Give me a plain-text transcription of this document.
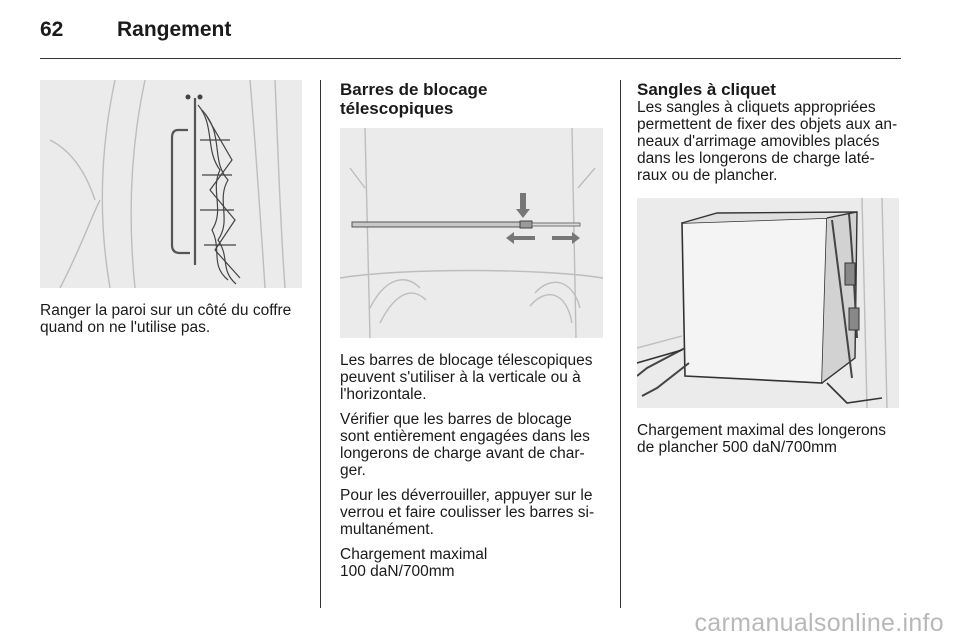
62	Rangement
Ranger la paroi sur un côté du coffre
quand on ne l'utilise pas.
Barres de blocage
télescopiques

Les barres de blocage télescopiques
peuvent s'utiliser à la verticale ou à
l'horizontale.

Vérifier que les barres de blocage
sont entièrement engagées dans les
longerons de charge avant de char-
ger.

Pour les déverrouiller, appuyer sur le
verrou et faire coulisser les barres si-
multanément.

Chargement maximal
100 daN/700mm

Sangles à cliquet
Les sangles à cliquets appropriées
permettent de fixer des objets aux an-
neaux d'arrimage amovibles placés
dans les longerons de charge laté-
raux ou de plancher.
Chargement maximal des longerons
de plancher 500 daN/700mm
carmanualsonline.info
